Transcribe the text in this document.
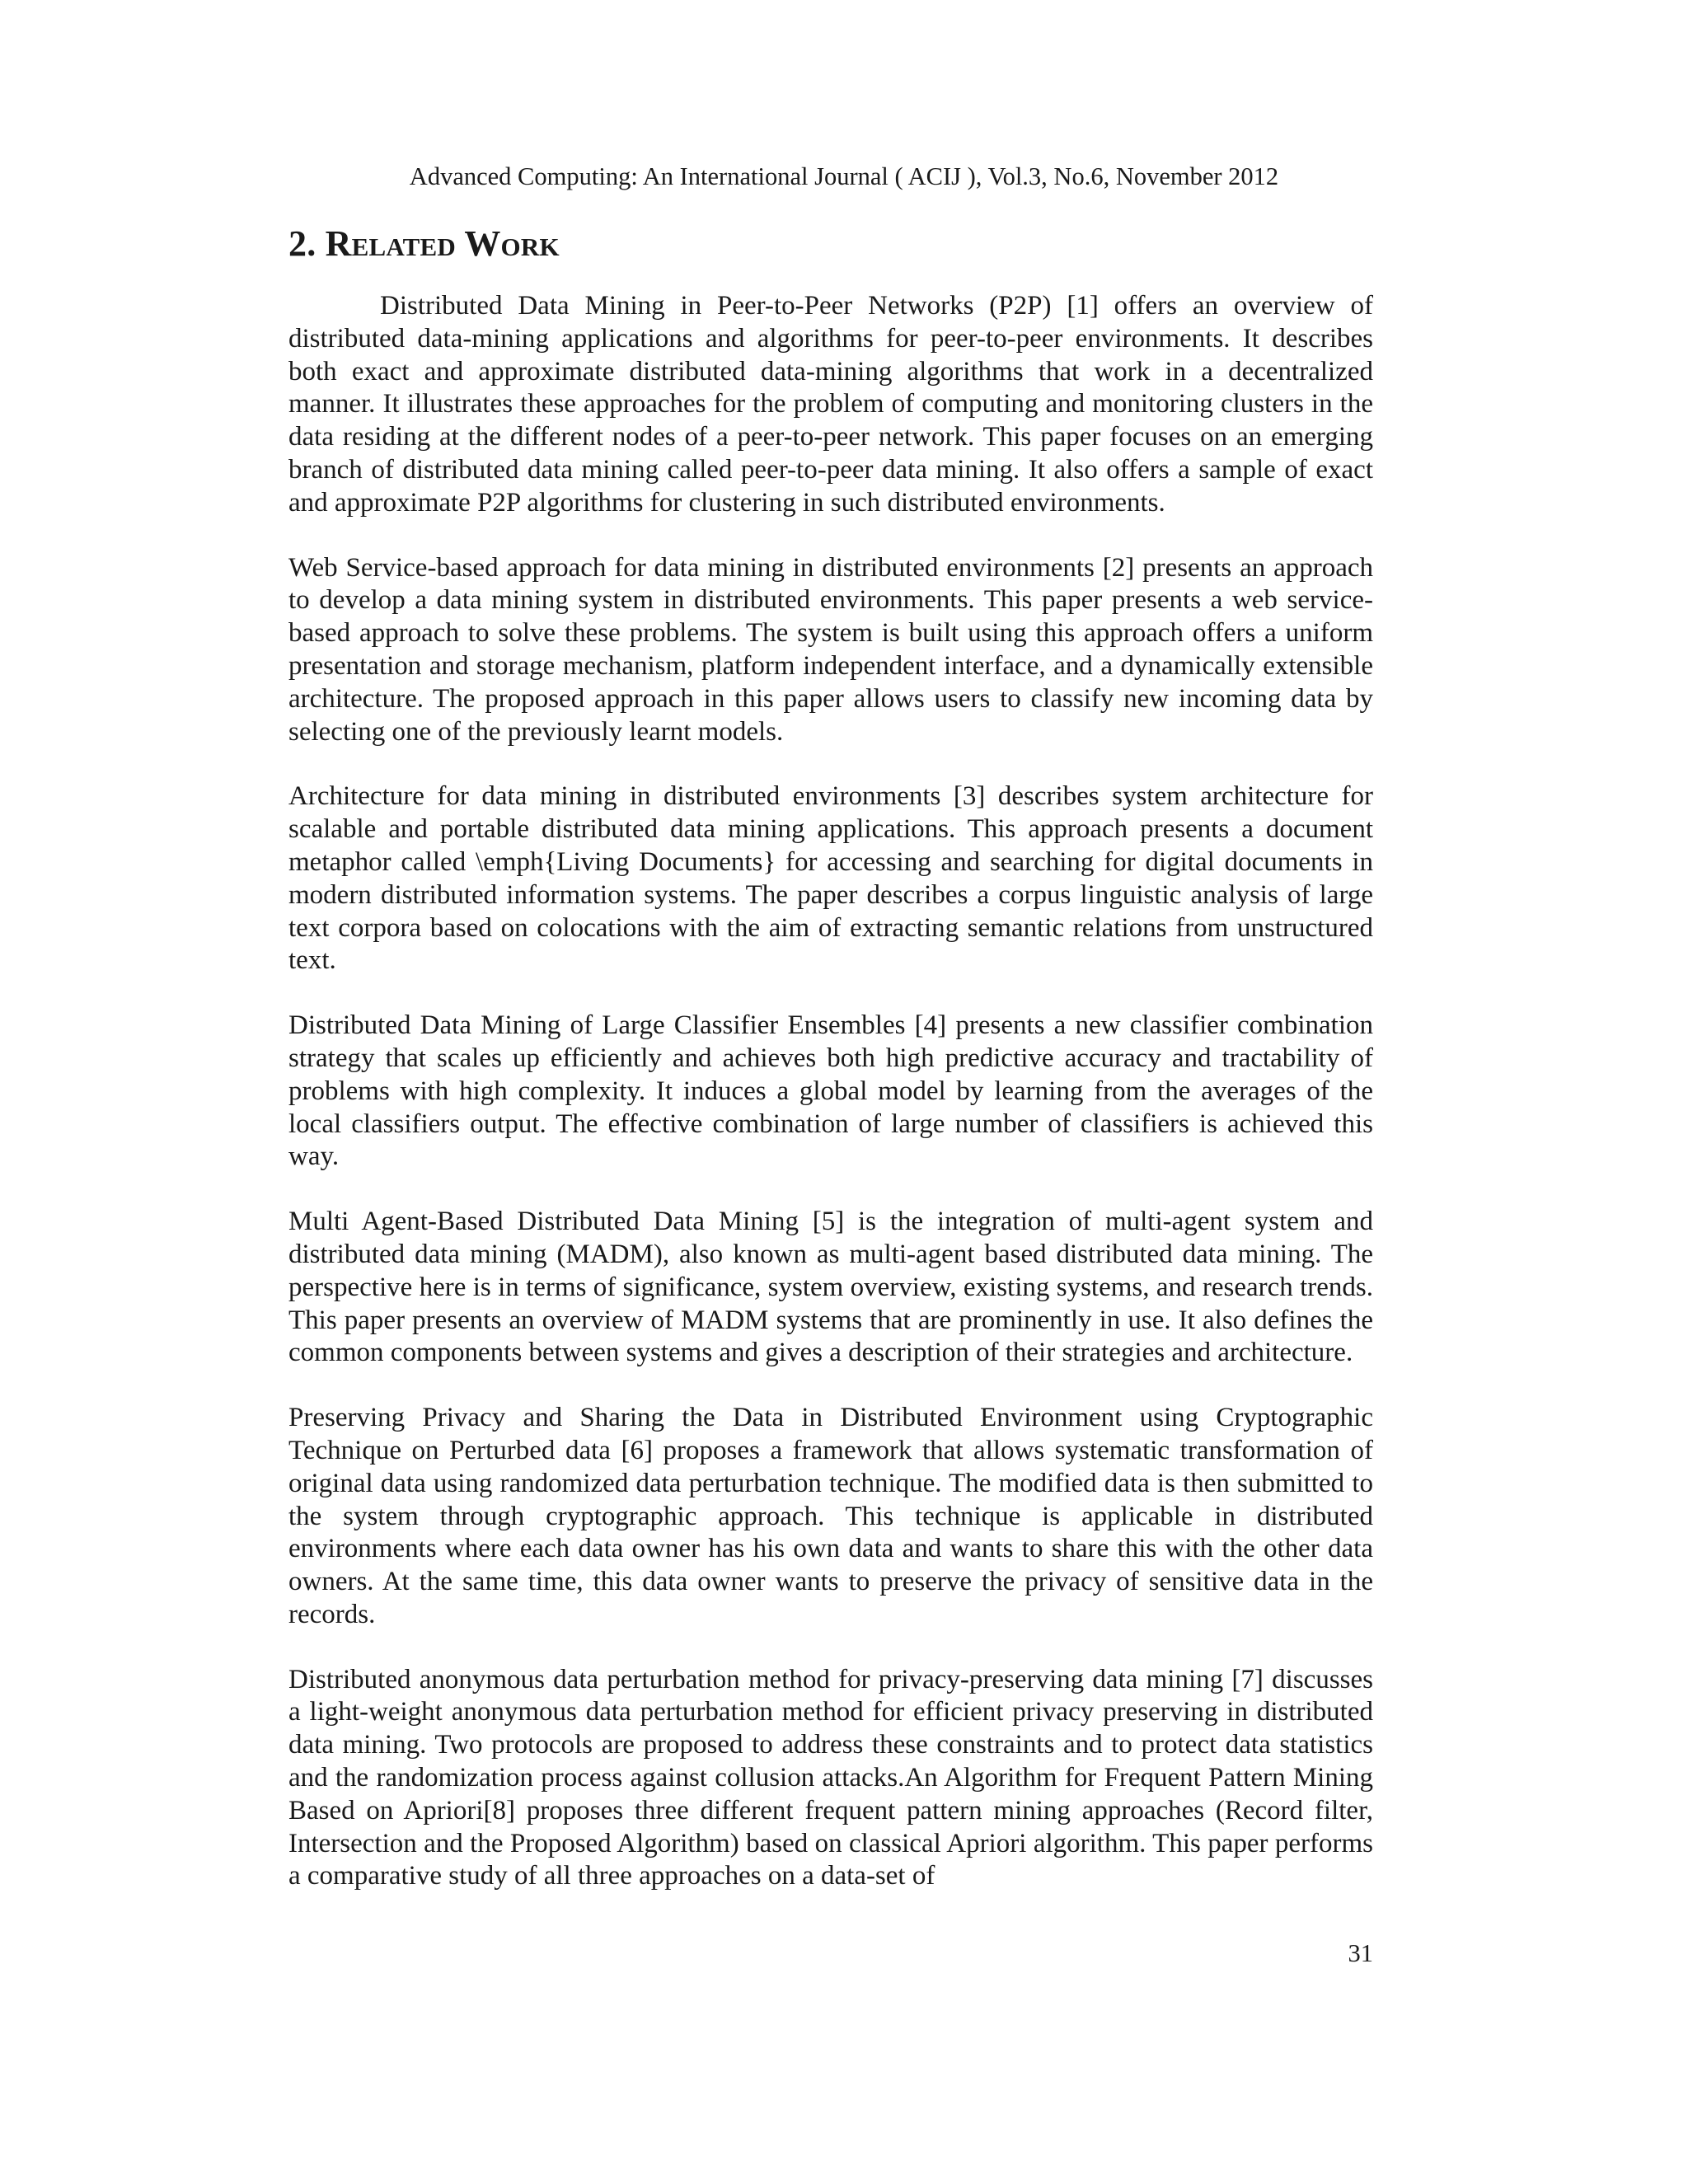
Advanced Computing: An International Journal ( ACIJ ), Vol.3, No.6, November 2012
2. Related Work

Distributed Data Mining in Peer-to-Peer Networks (P2P) [1] offers an overview of distributed data-mining applications and algorithms for peer-to-peer environments. It describes both exact and approximate distributed data-mining algorithms that work in a decentralized manner. It illustrates these approaches for the problem of computing and monitoring clusters in the data residing at the different nodes of a peer-to-peer network. This paper focuses on an emerging branch of distributed data mining called peer-to-peer data mining. It also offers a sample of exact and approximate P2P algorithms for clustering in such distributed environments.

Web Service-based approach for data mining in distributed environments [2] presents an approach to develop a data mining system in distributed environments. This paper presents a web service-based approach to solve these problems. The system is built using this approach offers a uniform presentation and storage mechanism, platform independent interface, and a dynamically extensible architecture. The proposed approach in this paper allows users to classify new incoming data by selecting one of the previously learnt models.

Architecture for data mining in distributed environments [3] describes system architecture for scalable and portable distributed data mining applications. This approach presents a document metaphor called \emph{Living Documents} for accessing and searching for digital documents in modern distributed information systems. The paper describes a corpus linguistic analysis of large text corpora based on colocations with the aim of extracting semantic relations from unstructured text.

Distributed Data Mining of Large Classifier Ensembles [4] presents a new classifier combination strategy that scales up efficiently and achieves both high predictive accuracy and tractability of problems with high complexity. It induces a global model by learning from the averages of the local classifiers output. The effective combination of large number of classifiers is achieved this way.

Multi Agent-Based Distributed Data Mining [5] is the integration of multi-agent system and distributed data mining (MADM), also known as multi-agent based distributed data mining. The perspective here is in terms of significance, system overview, existing systems, and research trends. This paper presents an overview of MADM systems that are prominently in use. It also defines the common components between systems and gives a description of their strategies and architecture.

Preserving Privacy and Sharing the Data in Distributed Environment using Cryptographic Technique on Perturbed data [6] proposes a framework that allows systematic transformation of original data using randomized data perturbation technique. The modified data is then submitted to the system through cryptographic approach. This technique is applicable in distributed environments where each data owner has his own data and wants to share this with the other data owners. At the same time, this data owner wants to preserve the privacy of sensitive data in the records.

Distributed anonymous data perturbation method for privacy-preserving data mining [7] discusses a light-weight anonymous data perturbation method for efficient privacy preserving in distributed data mining. Two protocols are proposed to address these constraints and to protect data statistics and the randomization process against collusion attacks.An Algorithm for Frequent Pattern Mining Based on Apriori[8] proposes three different frequent pattern mining approaches (Record filter, Intersection and the Proposed Algorithm) based on classical Apriori algorithm. This paper performs a comparative study of all three approaches on a data-set of

31
